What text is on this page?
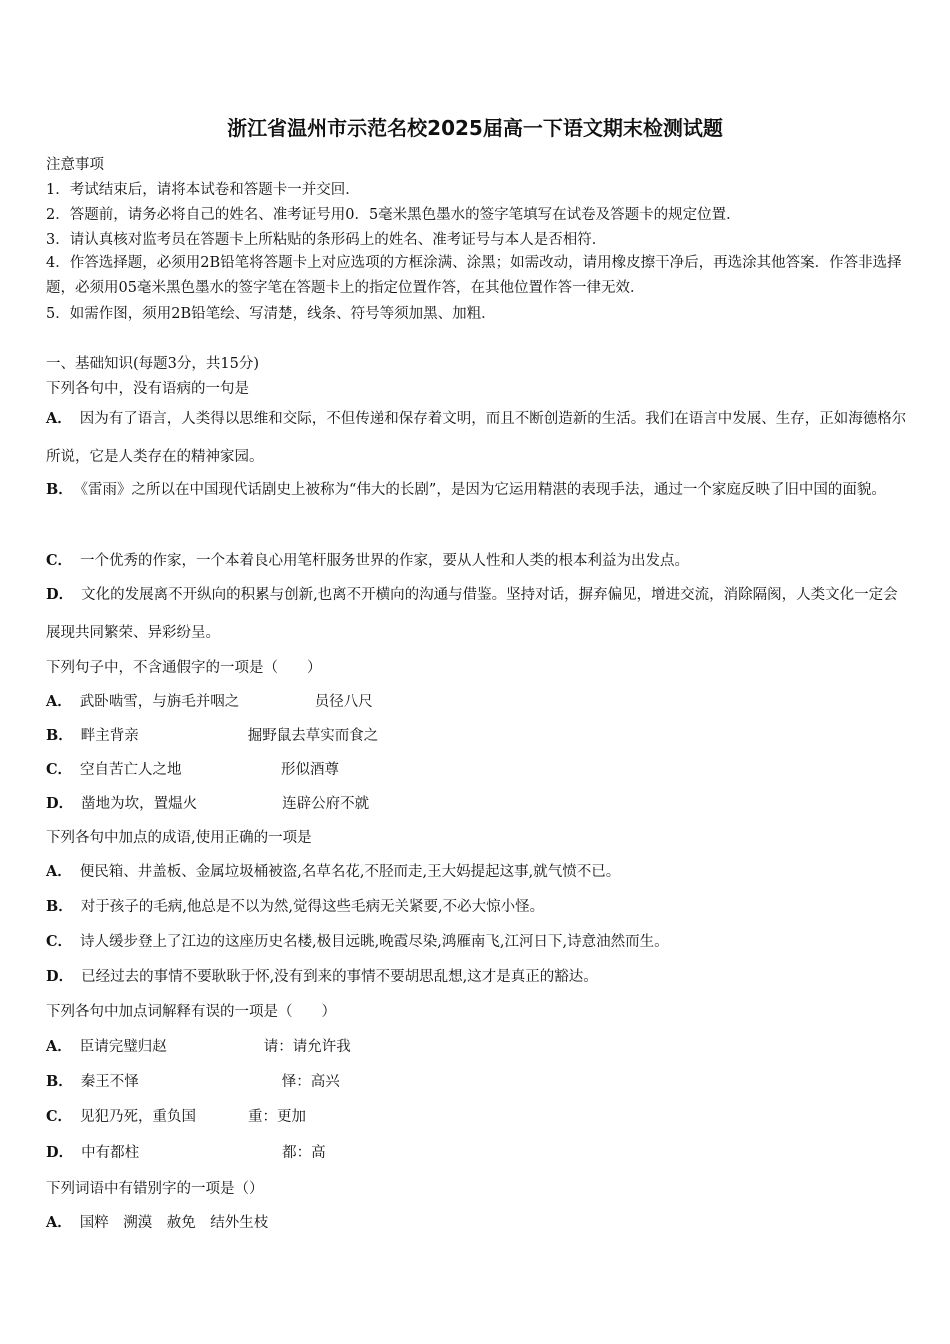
浙江省温州市示范名校2025届高一下语文期末检测试题
注意事项
1．考试结束后，请将本试卷和答题卡一并交回．
2．答题前，请务必将自己的姓名、准考证号用0．5毫米黑色墨水的签字笔填写在试卷及答题卡的规定位置．
3．请认真核对监考员在答题卡上所粘贴的条形码上的姓名、准考证号与本人是否相符．
4．作答选择题，必须用2B铅笔将答题卡上对应选项的方框涂满、涂黑；如需改动，请用橡皮擦干净后，再选涂其他答案．作答非选择题，必须用05毫米黑色墨水的签字笔在答题卡上的指定位置作答，在其他位置作答一律无效．
5．如需作图，须用2B铅笔绘、写清楚，线条、符号等须加黑、加粗．
一、基础知识(每题3分，共15分)
下列各句中，没有语病的一句是
A． 因为有了语言，人类得以思维和交际，不但传递和保存着文明，而且不断创造新的生活。我们在语言中发展、生存，正如海德格尔所说，它是人类存在的精神家园。
B． 《雷雨》之所以在中国现代话剧史上被称为“伟大的长剧”，是因为它运用精湛的表现手法，通过一个家庭反映了旧中国的面貌。
C． 一个优秀的作家，一个本着良心用笔杆服务世界的作家，要从人性和人类的根本利益为出发点。
D． 文化的发展离不开纵向的积累与创新,也离不开横向的沟通与借鉴。坚持对话，摒弃偏见，增进交流，消除隔阂，人类文化一定会展现共同繁荣、异彩纷呈。
下列句子中，不含通假字的一项是（　　）
A． 武卧啮雪，与旃毛并咽之	员径八尺
B． 畔主背亲	掘野鼠去草实而食之
C． 空自苦亡人之地	形似酒尊
D． 凿地为坎，置煴火	连辟公府不就
下列各句中加点的成语,使用正确的一项是
A． 便民箱、井盖板、金属垃圾桶被盗,名草名花,不胫而走,王大妈提起这事,就气愤不已。
B． 对于孩子的毛病,他总是不以为然,觉得这些毛病无关紧要,不必大惊小怪。
C． 诗人缓步登上了江边的这座历史名楼,极目远眺,晚霞尽染,鸿雁南飞,江河日下,诗意油然而生。
D． 已经过去的事情不要耿耿于怀,没有到来的事情不要胡思乱想,这才是真正的豁达。
下列各句中加点词解释有误的一项是（　　）
A． 臣请完璧归赵	请：请允许我
B． 秦王不怿	怿：高兴
C． 见犯乃死，重负国	重：更加
D． 中有都柱	都：高
下列词语中有错别字的一项是（）
A． 国粹　溯漠　赦免　结外生枝
